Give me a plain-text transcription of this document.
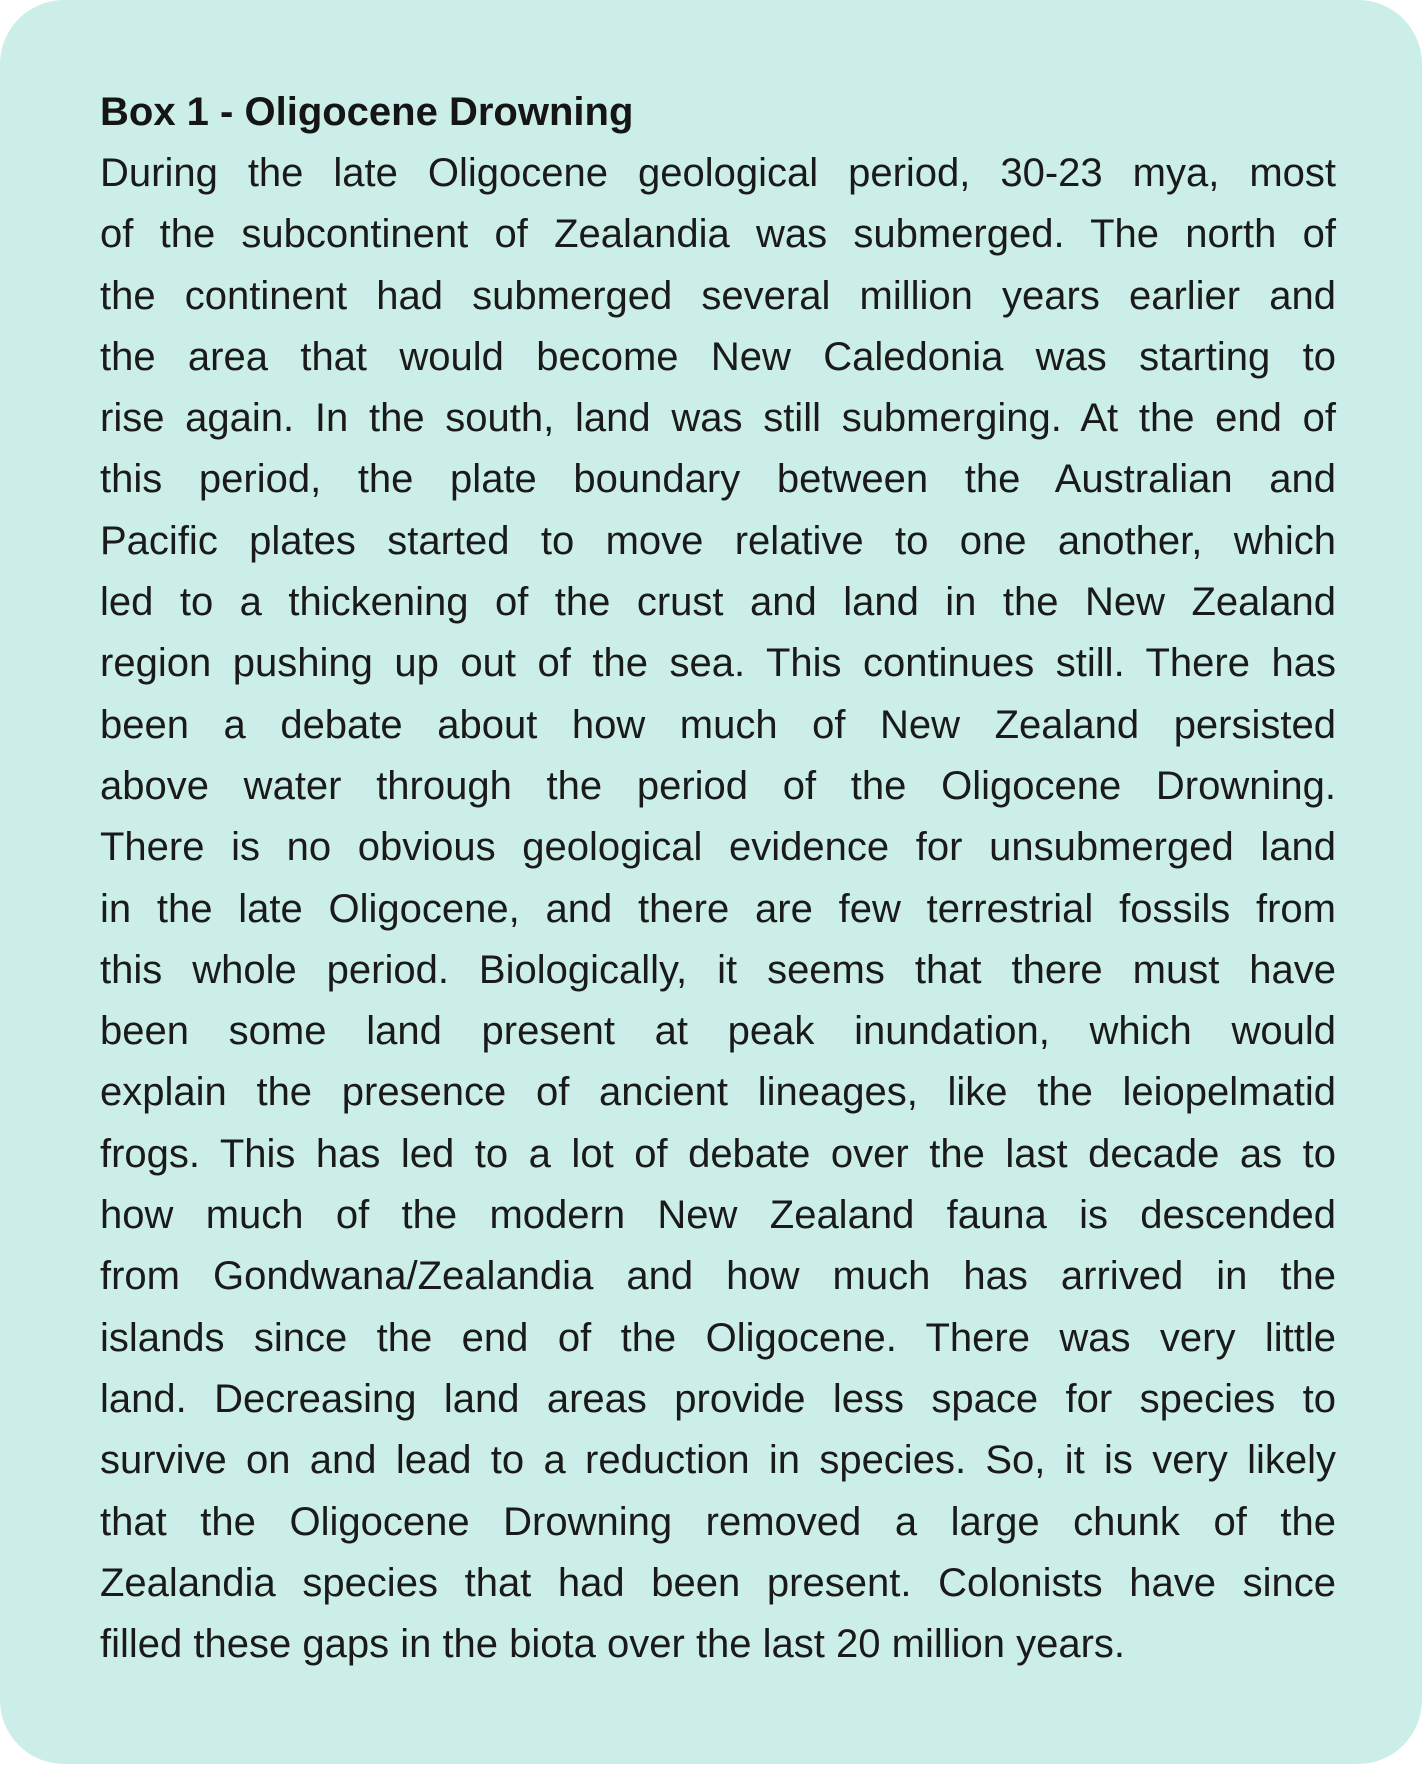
Box 1 - Oligocene Drowning
During the late Oligocene geological period, 30-23 mya, most
of the subcontinent of Zealandia was submerged. The north of
the continent had submerged several million years earlier and
the area that would become New Caledonia was starting to
rise again. In the south, land was still submerging. At the end of
this period, the plate boundary between the Australian and
Pacific plates started to move relative to one another, which
led to a thickening of the crust and land in the New Zealand
region pushing up out of the sea. This continues still. There has
been a debate about how much of New Zealand persisted
above water through the period of the Oligocene Drowning.
There is no obvious geological evidence for unsubmerged land
in the late Oligocene, and there are few terrestrial fossils from
this whole period. Biologically, it seems that there must have
been some land present at peak inundation, which would
explain the presence of ancient lineages, like the leiopelmatid
frogs. This has led to a lot of debate over the last decade as to
how much of the modern New Zealand fauna is descended
from Gondwana/Zealandia and how much has arrived in the
islands since the end of the Oligocene. There was very little
land. Decreasing land areas provide less space for species to
survive on and lead to a reduction in species. So, it is very likely
that the Oligocene Drowning removed a large chunk of the
Zealandia species that had been present. Colonists have since
filled these gaps in the biota over the last 20 million years.
